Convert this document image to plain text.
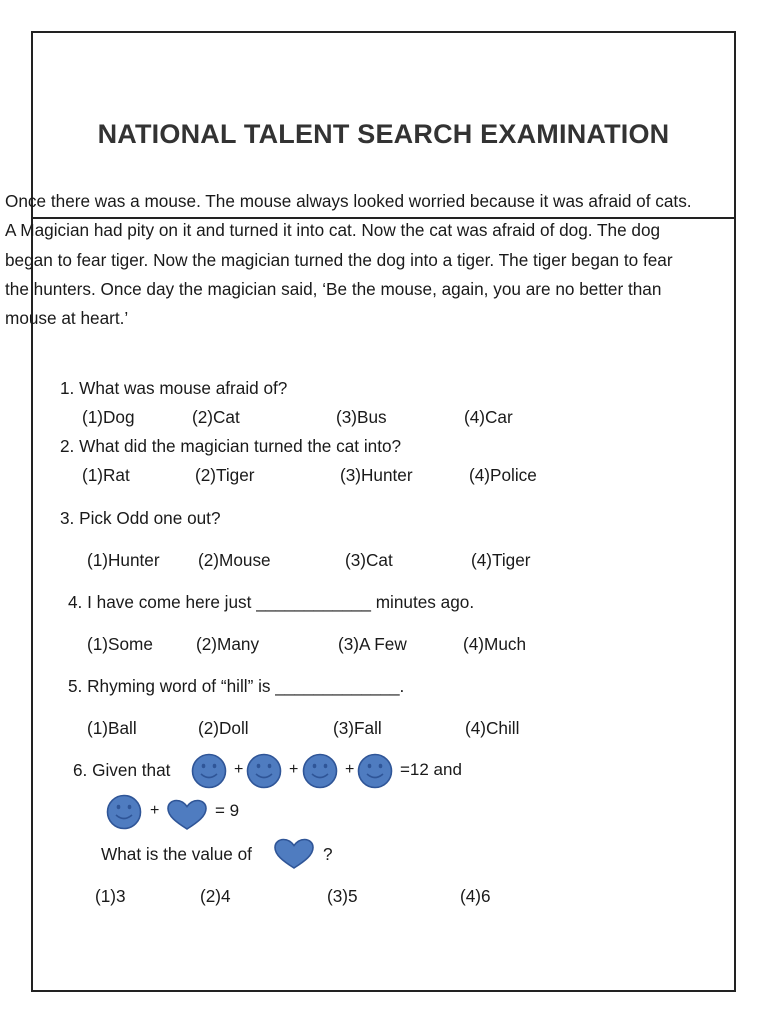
NATIONAL TALENT SEARCH EXAMINATION
Once there was a mouse. The mouse always looked worried because it was afraid of cats. A Magician had pity on it and turned it into cat. Now the cat was afraid of dog. The dog began to fear tiger. Now the magician turned the dog into a tiger. The tiger began to fear the hunters. Once day the magician said, ‘Be the mouse, again, you are no better than mouse at heart.’
1. What was mouse afraid of?
(1)Dog	(2)Cat	(3)Bus	(4)Car
2. What did the magician turned the cat into?
(1)Rat	(2)Tiger	(3)Hunter	(4)Police
3. Pick Odd one out?
(1)Hunter (2)Mouse	(3)Cat	(4)Tiger
4. I have come here just ____________ minutes ago.
(1)Some	(2)Many	(3)A Few	(4)Much
5. Rhyming word of “hill” is _____________.
(1)Ball	(2)Doll	(3)Fall	(4)Chill
6. Given that	+	+	+	=12 and
+	= 9
What is the value of	?
(1)3	(2)4	(3)5	(4)6
